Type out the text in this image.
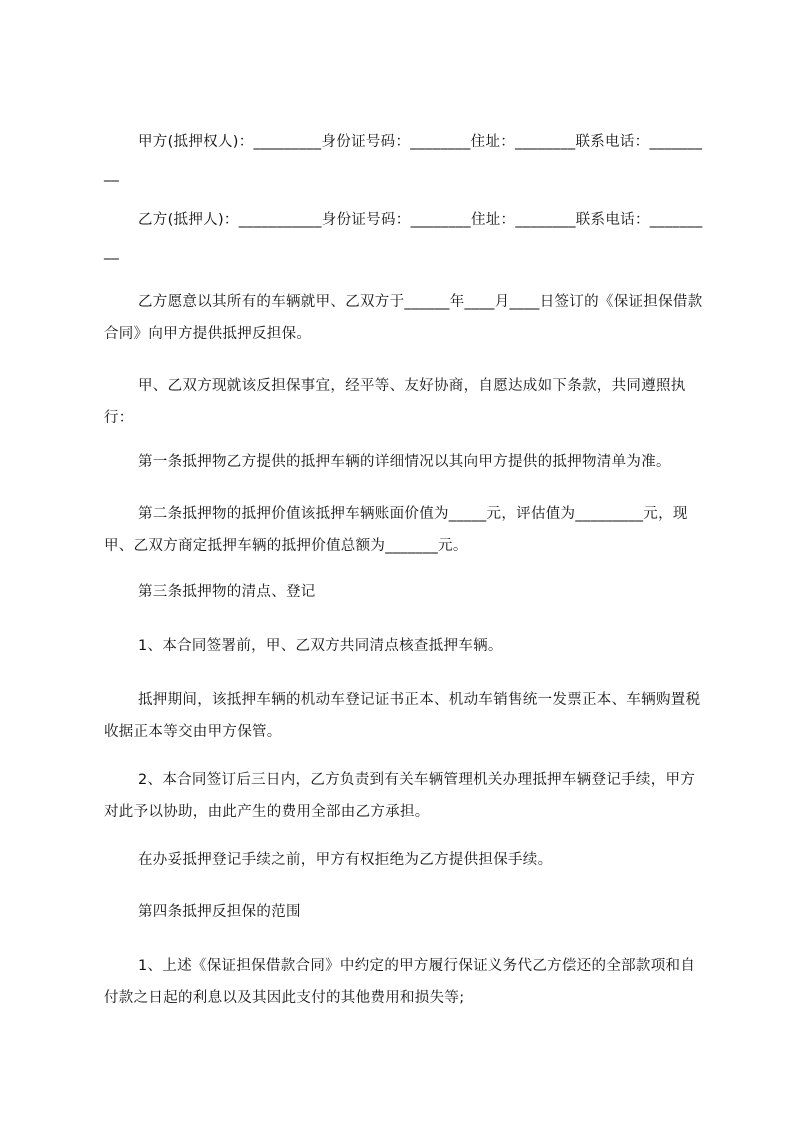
甲方(抵押权人)：_________身份证号码：________住址：________联系电话：_________

乙方(抵押人)：___________身份证号码：________住址：________联系电话：_________

乙方愿意以其所有的车辆就甲、乙双方于______年____月____日签订的《保证担保借款合同》向甲方提供抵押反担保。

甲、乙双方现就该反担保事宜，经平等、友好协商，自愿达成如下条款，共同遵照执行：

第一条抵押物乙方提供的抵押车辆的详细情况以其向甲方提供的抵押物清单为准。

第二条抵押物的抵押价值该抵押车辆账面价值为_____元，评估值为_________元，现甲、乙双方商定抵押车辆的抵押价值总额为_______元。

第三条抵押物的清点、登记

1、本合同签署前，甲、乙双方共同清点核查抵押车辆。

抵押期间，该抵押车辆的机动车登记证书正本、机动车销售统一发票正本、车辆购置税收据正本等交由甲方保管。

2、本合同签订后三日内，乙方负责到有关车辆管理机关办理抵押车辆登记手续，甲方对此予以协助，由此产生的费用全部由乙方承担。

在办妥抵押登记手续之前，甲方有权拒绝为乙方提供担保手续。

第四条抵押反担保的范围

1、上述《保证担保借款合同》中约定的甲方履行保证义务代乙方偿还的全部款项和自付款之日起的利息以及其因此支付的其他费用和损失等;
